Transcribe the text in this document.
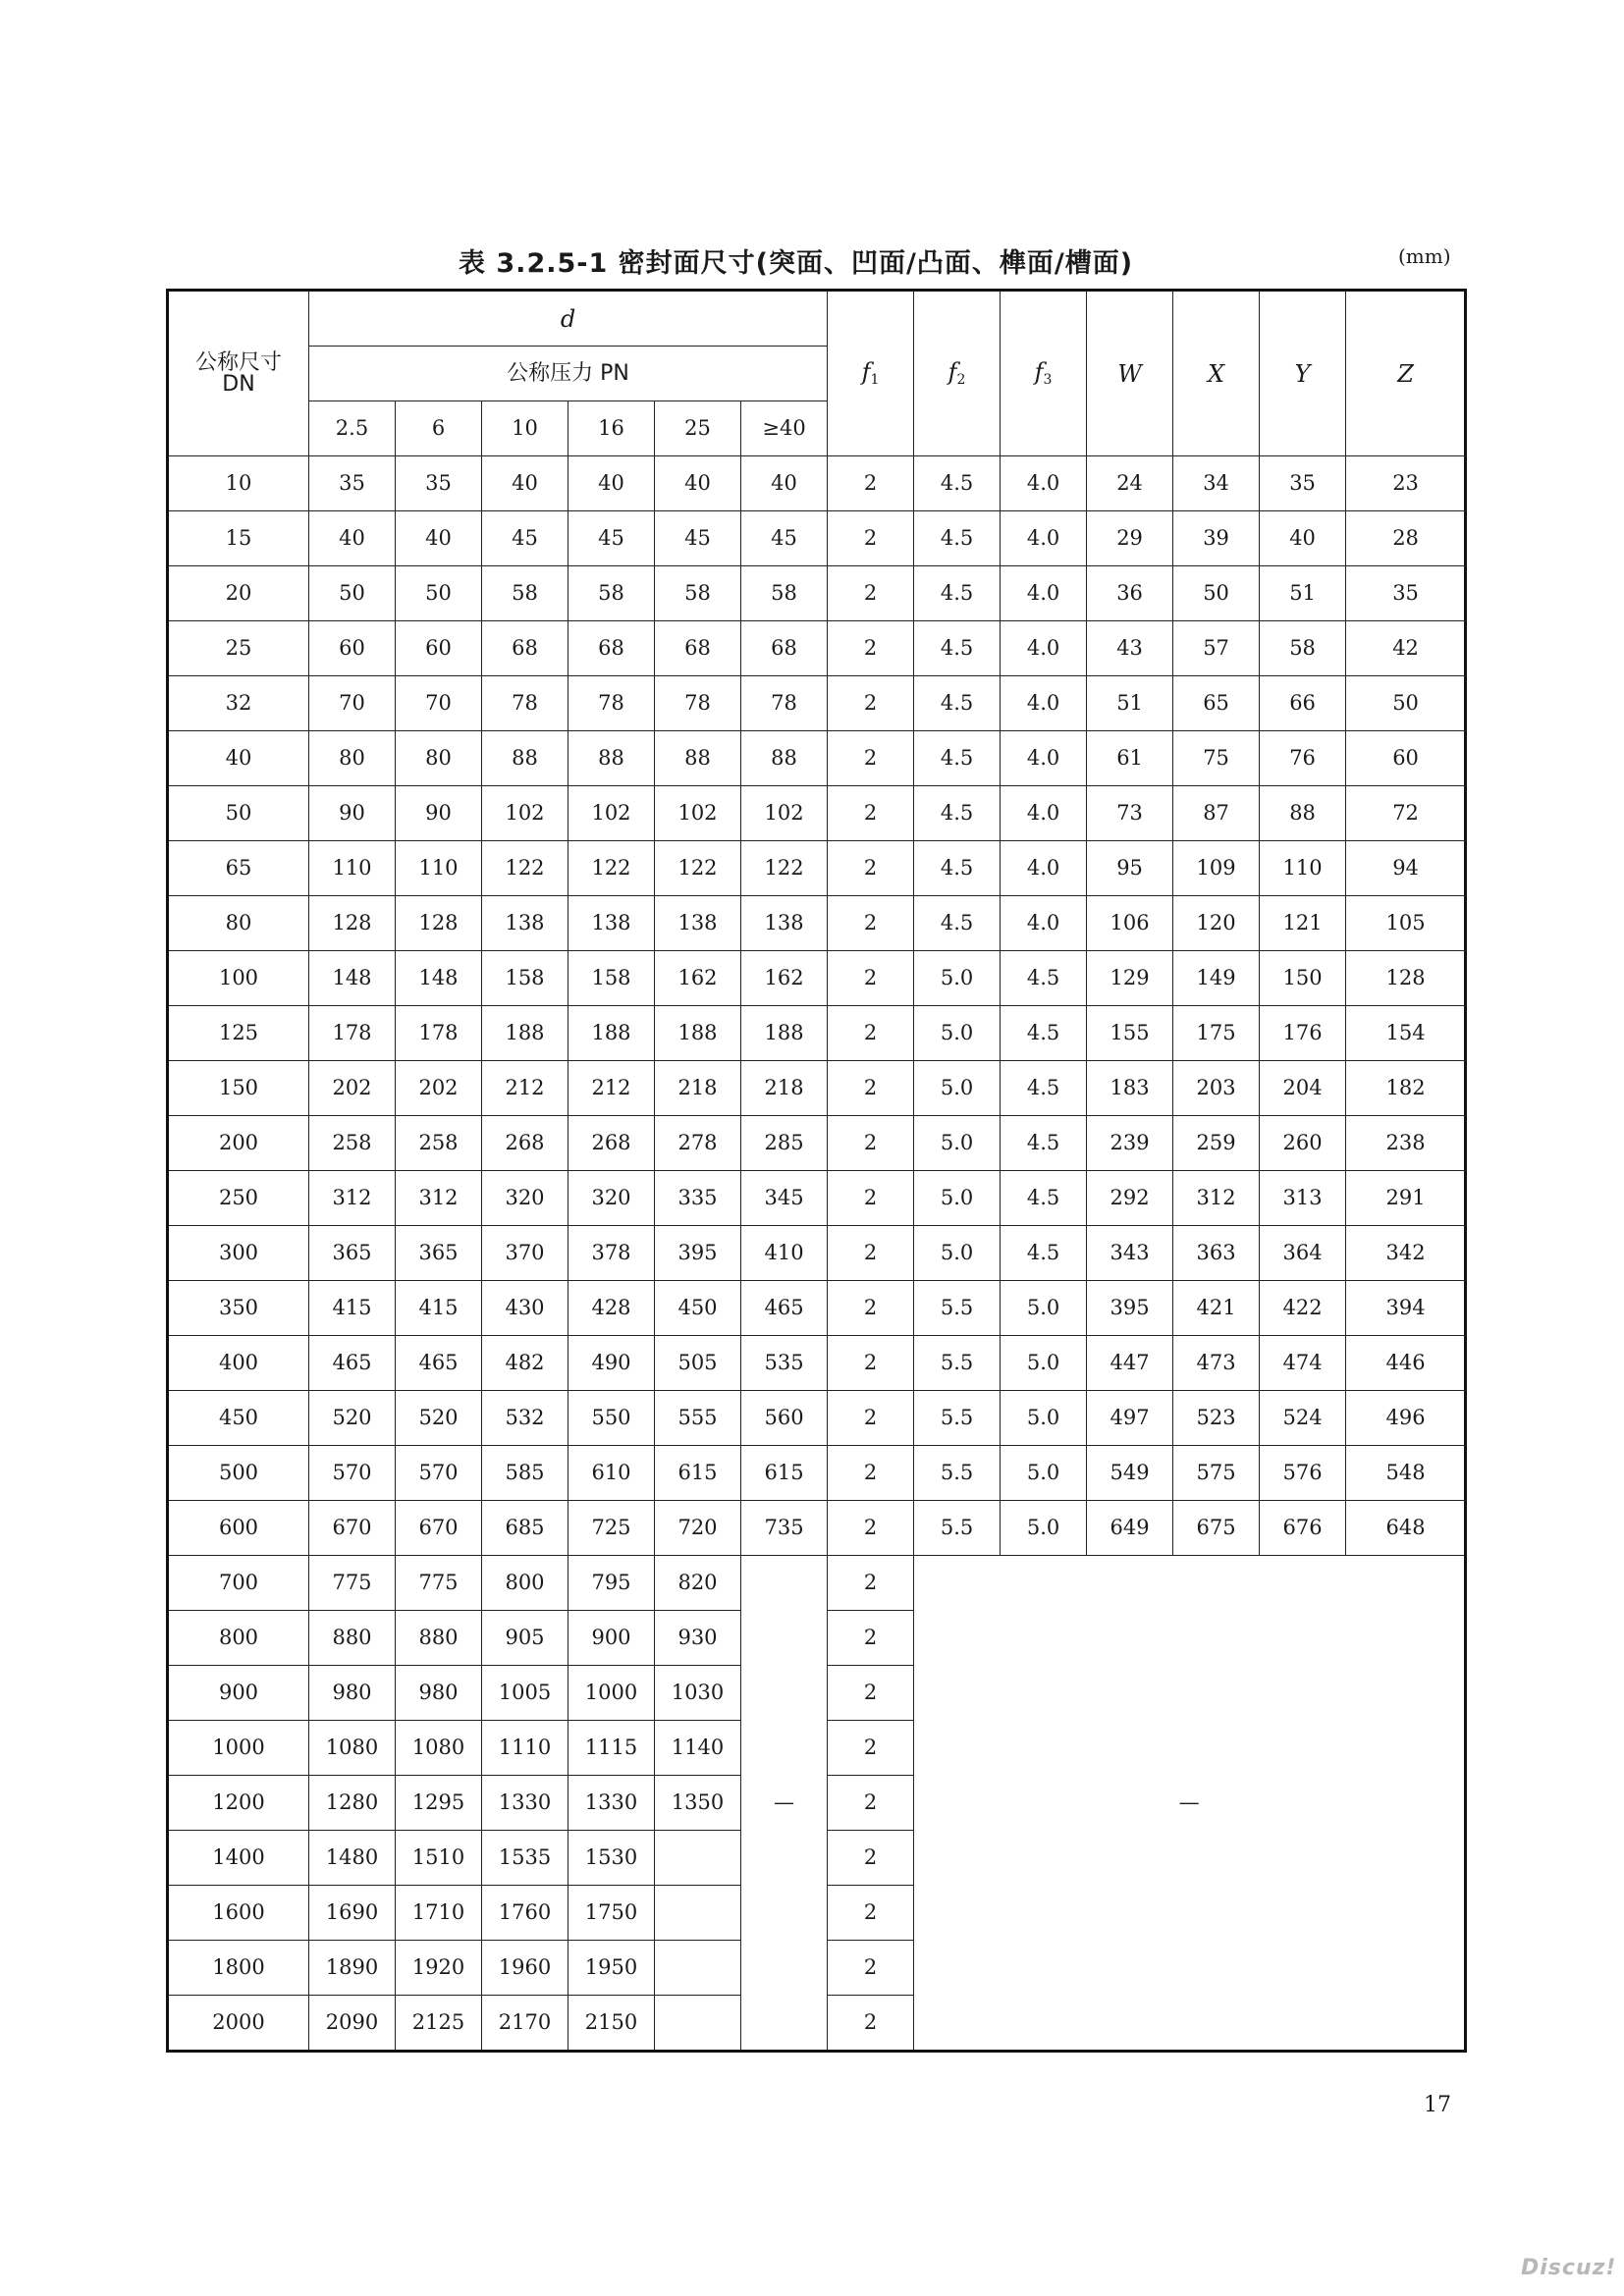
表 3.2.5-1 密封面尺寸(突面、凹面/凸面、榫面/槽面)	(mm)
公称尺寸
DN	d						$f_1$	$f_2$	$f_3$	W	X	Y	Z
	公称压力 PN												
	2.5	6	10	16	25	≥40							
10	35	35	40	40	40	40	2	4.5	4.0	24	34	35	23
15	40	40	45	45	45	45	2	4.5	4.0	29	39	40	28
20	50	50	58	58	58	58	2	4.5	4.0	36	50	51	35
25	60	60	68	68	68	68	2	4.5	4.0	43	57	58	42
32	70	70	78	78	78	78	2	4.5	4.0	51	65	66	50
40	80	80	88	88	88	88	2	4.5	4.0	61	75	76	60
50	90	90	102	102	102	102	2	4.5	4.0	73	87	88	72
65	110	110	122	122	122	122	2	4.5	4.0	95	109	110	94
80	128	128	138	138	138	138	2	4.5	4.0	106	120	121	105
100	148	148	158	158	162	162	2	5.0	4.5	129	149	150	128
125	178	178	188	188	188	188	2	5.0	4.5	155	175	176	154
150	202	202	212	212	218	218	2	5.0	4.5	183	203	204	182
200	258	258	268	268	278	285	2	5.0	4.5	239	259	260	238
250	312	312	320	320	335	345	2	5.0	4.5	292	312	313	291
300	365	365	370	378	395	410	2	5.0	4.5	343	363	364	342
350	415	415	430	428	450	465	2	5.5	5.0	395	421	422	394
400	465	465	482	490	505	535	2	5.5	5.0	447	473	474	446
450	520	520	532	550	555	560	2	5.5	5.0	497	523	524	496
500	570	570	585	610	615	615	2	5.5	5.0	549	575	576	548
600	670	670	685	725	720	735	2	5.5	5.0	649	675	676	648
700	775	775	800	795	820	—	2	—					
800	880	880	905	900	930		2						
900	980	980	1005	1000	1030		2						
1000	1080	1080	1110	1115	1140		2						
1200	1280	1295	1330	1330	1350		2						
1400	1480	1510	1535	1530			2						
1600	1690	1710	1760	1750			2						
1800	1890	1920	1960	1950			2						
2000	2090	2125	2170	2150			2						
17
Discuz!
